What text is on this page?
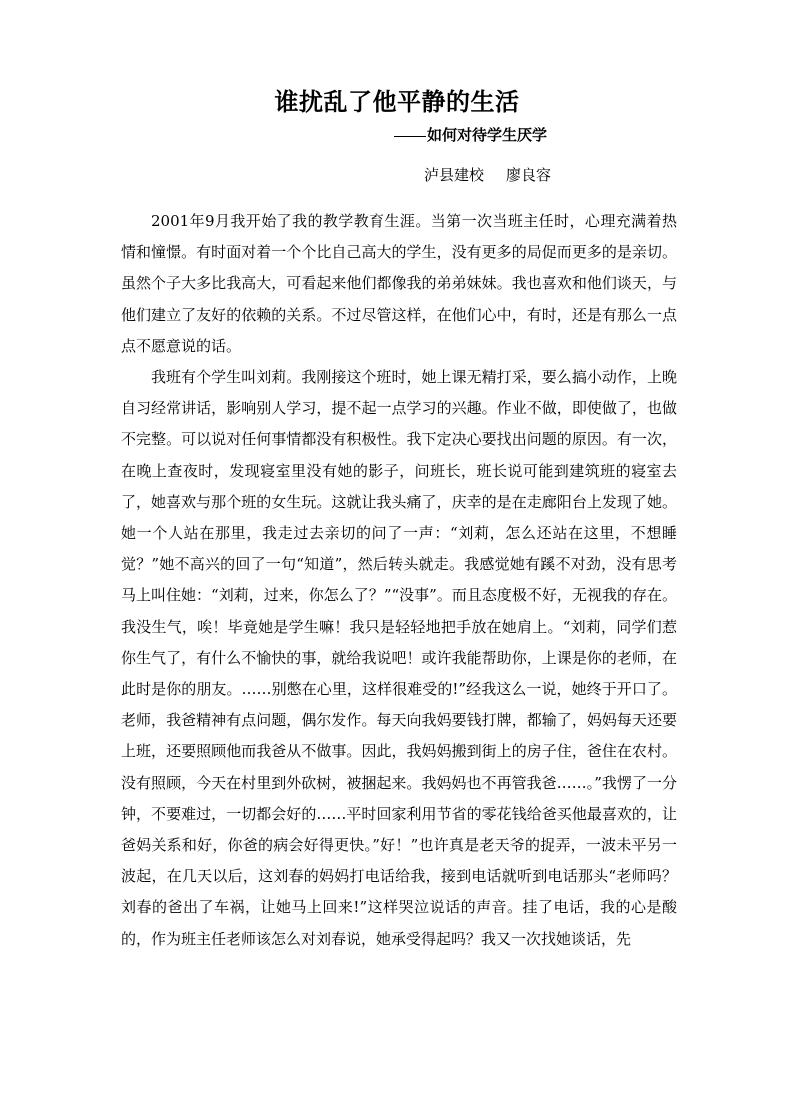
谁扰乱了他平静的生活
如何对待学生厌学
泸县建校 廖良容

2001年9月我开始了我的教学教育生涯。当第一次当班主任时，心理充满着热情和憧憬。有时面对着一个个比自己高大的学生，没有更多的局促而更多的是亲切。虽然个子大多比我高大，可看起来他们都像我的弟弟妹妹。我也喜欢和他们谈天，与他们建立了友好的依赖的关系。不过尽管这样，在他们心中，有时，还是有那么一点点不愿意说的话。

我班有个学生叫刘莉。我刚接这个班时，她上课无精打采，要么搞小动作，上晚自习经常讲话，影响别人学习，提不起一点学习的兴趣。作业不做，即使做了，也做不完整。可以说对任何事情都没有积极性。我下定决心要找出问题的原因。有一次，在晚上查夜时，发现寝室里没有她的影子，问班长，班长说可能到建筑班的寝室去了，她喜欢与那个班的女生玩。这就让我头痛了，庆幸的是在走廊阳台上发现了她。她一个人站在那里，我走过去亲切的问了一声：“刘莉，怎么还站在这里，不想睡觉？”她不高兴的回了一句“知道”，然后转头就走。我感觉她有蹊不对劲，没有思考马上叫住她：“刘莉，过来，你怎么了？”“没事”。而且态度极不好，无视我的存在。我没生气，唉！毕竟她是学生嘛！我只是轻轻地把手放在她肩上。“刘莉，同学们惹你生气了，有什么不愉快的事，就给我说吧！或许我能帮助你，上课是你的老师，在此时是你的朋友。……别憋在心里，这样很难受的!”经我这么一说，她终于开口了。老师，我爸精神有点问题，偶尔发作。每天向我妈要钱打牌，都输了，妈妈每天还要上班，还要照顾他而我爸从不做事。因此，我妈妈搬到街上的房子住，爸住在农村。没有照顾，今天在村里到外砍树，被捆起来。我妈妈也不再管我爸……。”我愣了一分钟，不要难过，一切都会好的……平时回家利用节省的零花钱给爸买他最喜欢的，让爸妈关系和好，你爸的病会好得更快。”好！”也许真是老天爷的捉弄，一波未平另一波起，在几天以后，这刘春的妈妈打电话给我，接到电话就听到电话那头“老师吗？刘春的爸出了车祸，让她马上回来!”这样哭泣说话的声音。挂了电话，我的心是酸的，作为班主任老师该怎么对刘春说，她承受得起吗？我又一次找她谈话，先
